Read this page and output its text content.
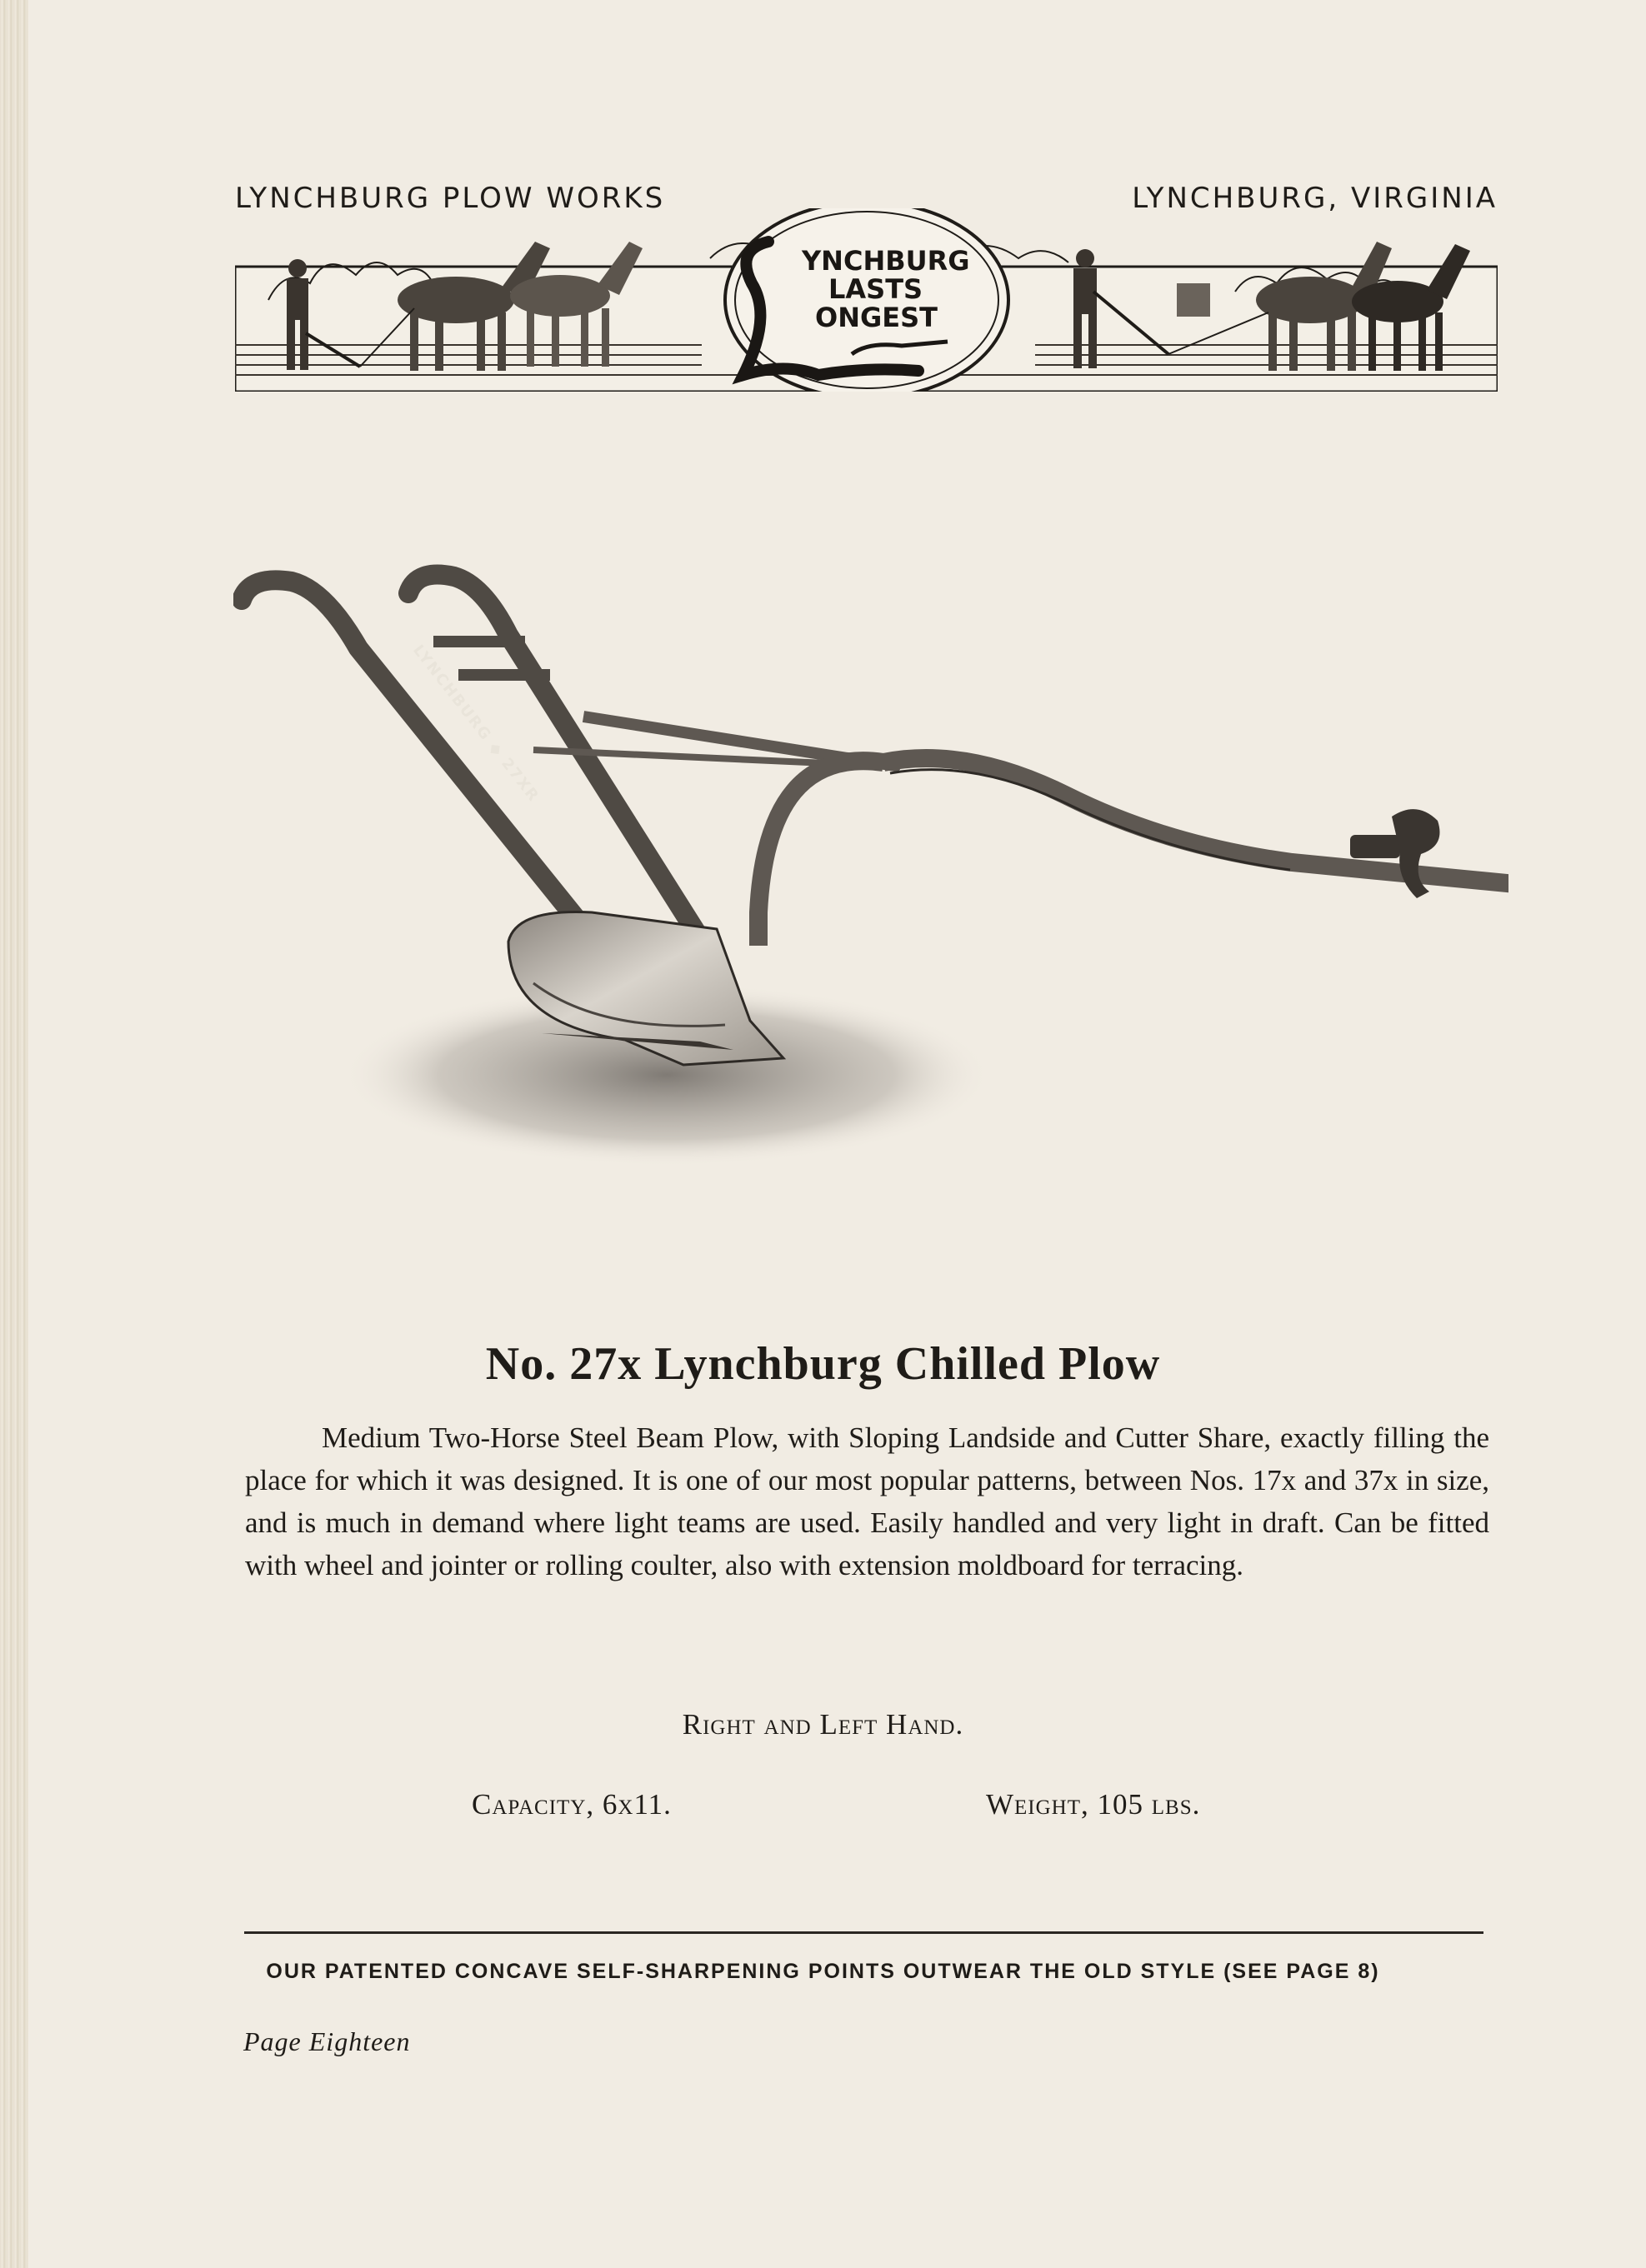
LYNCHBURG PLOW WORKS	LYNCHBURG, VIRGINIA
YNCHBURG
LASTS
ONGEST
LYNCHBURG ◆ 27XR
No. 27x Lynchburg Chilled Plow
Medium Two-Horse Steel Beam Plow, with Sloping Landside and Cutter Share, exactly filling the place for which it was designed. It is one of our most popular patterns, between Nos. 17x and 37x in size, and is much in demand where light teams are used. Easily handled and very light in draft. Can be fitted with wheel and jointer or rolling coulter, also with extension moldboard for terracing.
Right and Left Hand.
Capacity, 6x11.	Weight, 105 lbs.
OUR PATENTED CONCAVE SELF-SHARPENING POINTS OUTWEAR THE OLD STYLE (SEE PAGE 8)
Page Eighteen
